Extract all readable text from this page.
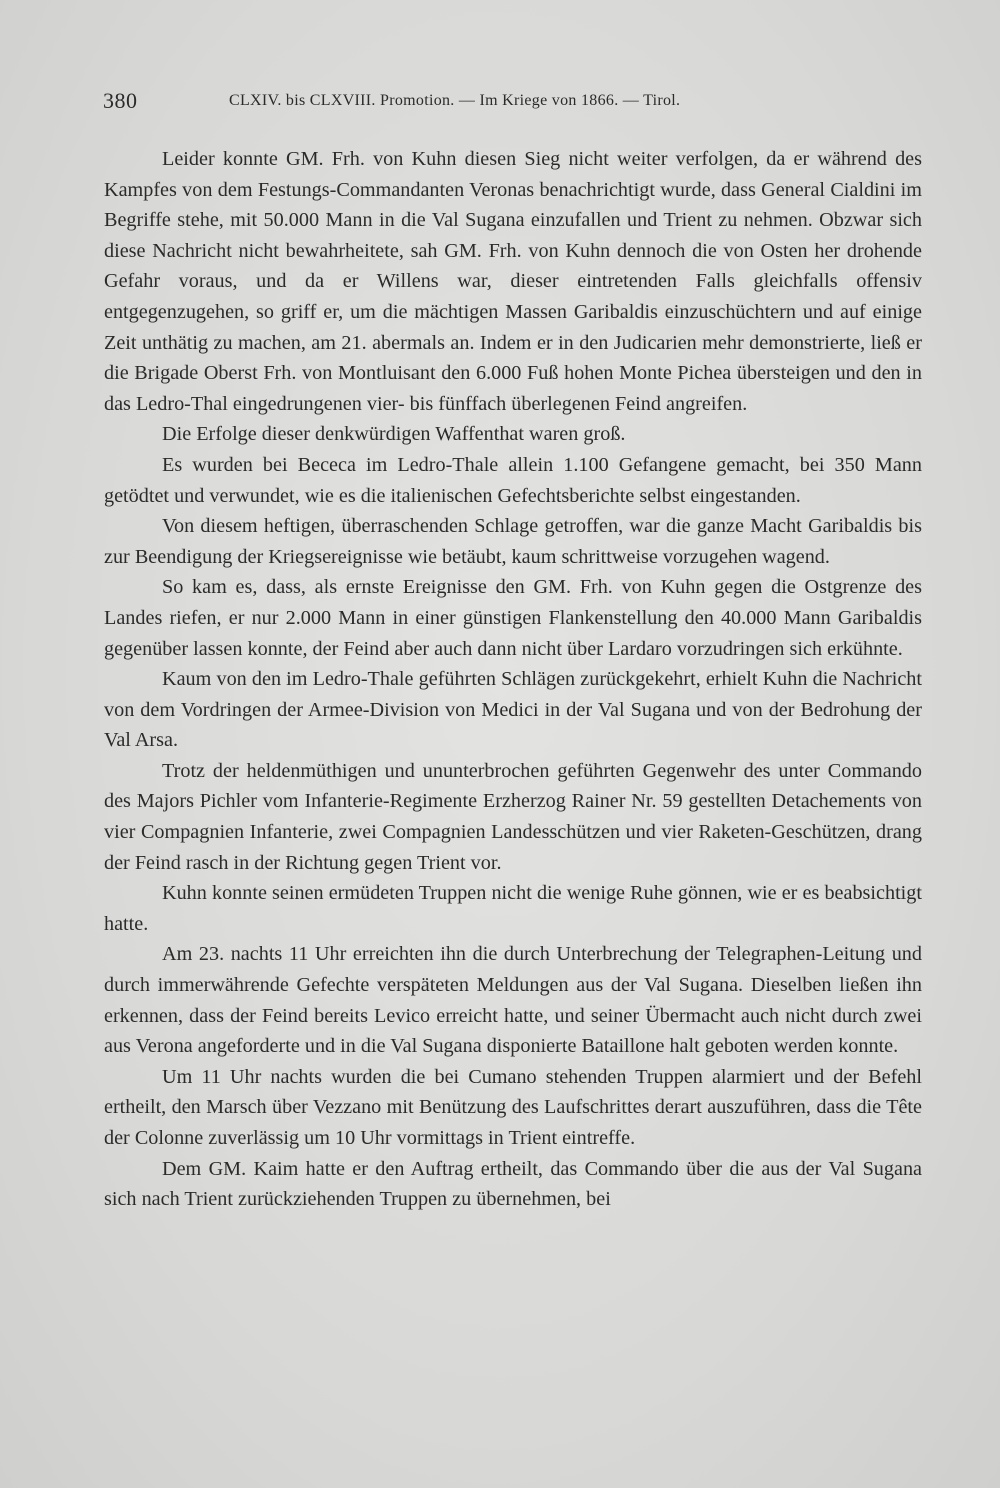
380	CLXIV. bis CLXVIII. Promotion. — Im Kriege von 1866. — Tirol.

Leider konnte GM. Frh. von Kuhn diesen Sieg nicht weiter verfolgen, da er während des Kampfes von dem Festungs-Commandanten Veronas benachrichtigt wurde, dass General Cialdini im Begriffe stehe, mit 50.000 Mann in die Val Sugana einzufallen und Trient zu nehmen. Obzwar sich diese Nachricht nicht bewahrheitete, sah GM. Frh. von Kuhn dennoch die von Osten her drohende Gefahr voraus, und da er Willens war, dieser eintretenden Falls gleichfalls offensiv entgegenzugehen, so griff er, um die mächtigen Massen Garibaldis einzuschüchtern und auf einige Zeit unthätig zu machen, am 21. abermals an. Indem er in den Judicarien mehr demonstrierte, ließ er die Brigade Oberst Frh. von Montluisant den 6.000 Fuß hohen Monte Pichea übersteigen und den in das Ledro-Thal eingedrungenen vier- bis fünffach überlegenen Feind angreifen.

Die Erfolge dieser denkwürdigen Waffenthat waren groß.

Es wurden bei Bececa im Ledro-Thale allein 1.100 Gefangene gemacht, bei 350 Mann getödtet und verwundet, wie es die italienischen Gefechtsberichte selbst eingestanden.

Von diesem heftigen, überraschenden Schlage getroffen, war die ganze Macht Garibaldis bis zur Beendigung der Kriegsereignisse wie betäubt, kaum schrittweise vorzugehen wagend.

So kam es, dass, als ernste Ereignisse den GM. Frh. von Kuhn gegen die Ostgrenze des Landes riefen, er nur 2.000 Mann in einer günstigen Flankenstellung den 40.000 Mann Garibaldis gegenüber lassen konnte, der Feind aber auch dann nicht über Lardaro vorzudringen sich erkühnte.

Kaum von den im Ledro-Thale geführten Schlägen zurückgekehrt, erhielt Kuhn die Nachricht von dem Vordringen der Armee-Division von Medici in der Val Sugana und von der Bedrohung der Val Arsa.

Trotz der heldenmüthigen und ununterbrochen geführten Gegenwehr des unter Commando des Majors Pichler vom Infanterie-Regimente Erzherzog Rainer Nr. 59 gestellten Detachements von vier Compagnien Infanterie, zwei Compagnien Landesschützen und vier Raketen-Geschützen, drang der Feind rasch in der Richtung gegen Trient vor.

Kuhn konnte seinen ermüdeten Truppen nicht die wenige Ruhe gönnen, wie er es beabsichtigt hatte.

Am 23. nachts 11 Uhr erreichten ihn die durch Unterbrechung der Telegraphen-Leitung und durch immerwährende Gefechte verspäteten Meldungen aus der Val Sugana. Dieselben ließen ihn erkennen, dass der Feind bereits Levico erreicht hatte, und seiner Übermacht auch nicht durch zwei aus Verona angeforderte und in die Val Sugana disponierte Bataillone halt geboten werden konnte.

Um 11 Uhr nachts wurden die bei Cumano stehenden Truppen alarmiert und der Befehl ertheilt, den Marsch über Vezzano mit Benützung des Laufschrittes derart auszuführen, dass die Tête der Colonne zuverlässig um 10 Uhr vormittags in Trient eintreffe.

Dem GM. Kaim hatte er den Auftrag ertheilt, das Commando über die aus der Val Sugana sich nach Trient zurückziehenden Truppen zu übernehmen, bei
